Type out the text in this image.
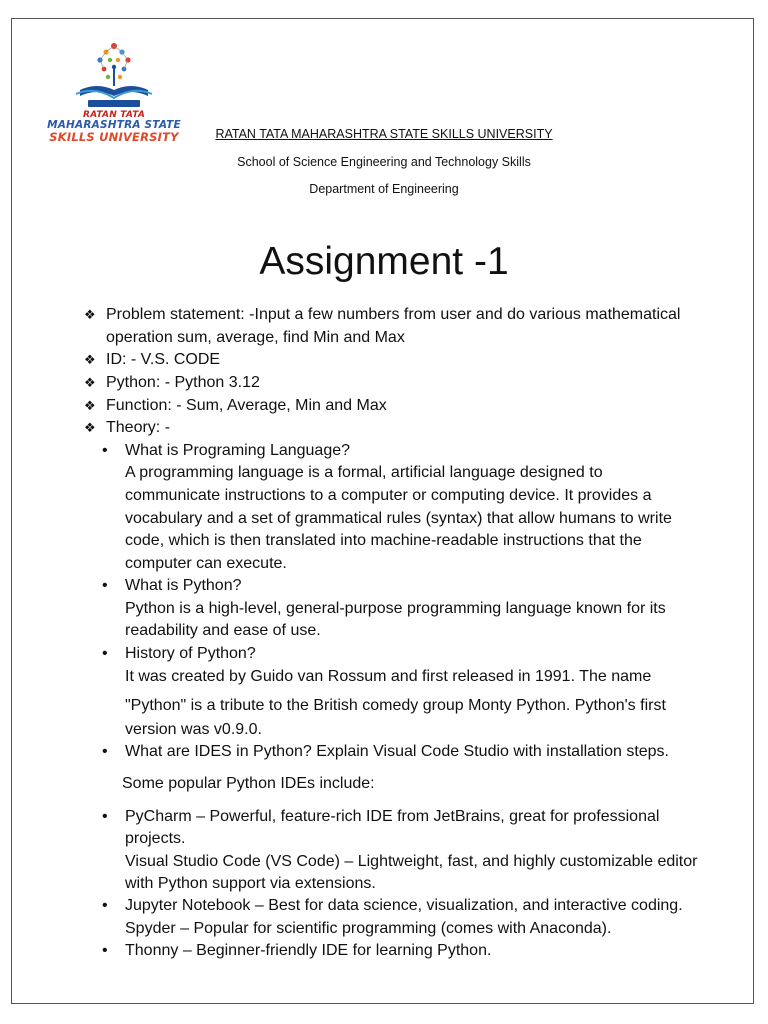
RATAN TATA
MAHARASHTRA STATE
SKILLS UNIVERSITY	RATAN TATA MAHARASHTRA STATE SKILLS UNIVERSITY
School of Science Engineering and Technology Skills
Department of Engineering
Assignment -1
❖ Problem statement: -Input a few numbers from user and do various mathematical
operation sum, average, find Min and Max
❖ ID: - V.S. CODE
❖ Python: - Python 3.12
❖ Function: - Sum, Average, Min and Max
❖ Theory: -
• What is Programing Language?
A programming language is a formal, artificial language designed to
communicate instructions to a computer or computing device. It provides a
vocabulary and a set of grammatical rules (syntax) that allow humans to write
code, which is then translated into machine-readable instructions that the
computer can execute.
• What is Python?
Python is a high-level, general-purpose programming language known for its
readability and ease of use.
• History of Python?
It was created by Guido van Rossum and first released in 1991. The name
"Python" is a tribute to the British comedy group Monty Python. Python's first
version was v0.9.0.
• What are IDES in Python? Explain Visual Code Studio with installation steps.
Some popular Python IDEs include:
• PyCharm – Powerful, feature-rich IDE from JetBrains, great for professional
projects.
Visual Studio Code (VS Code) – Lightweight, fast, and highly customizable editor
with Python support via extensions.
• Jupyter Notebook – Best for data science, visualization, and interactive coding.
Spyder – Popular for scientific programming (comes with Anaconda).
• Thonny – Beginner-friendly IDE for learning Python.
